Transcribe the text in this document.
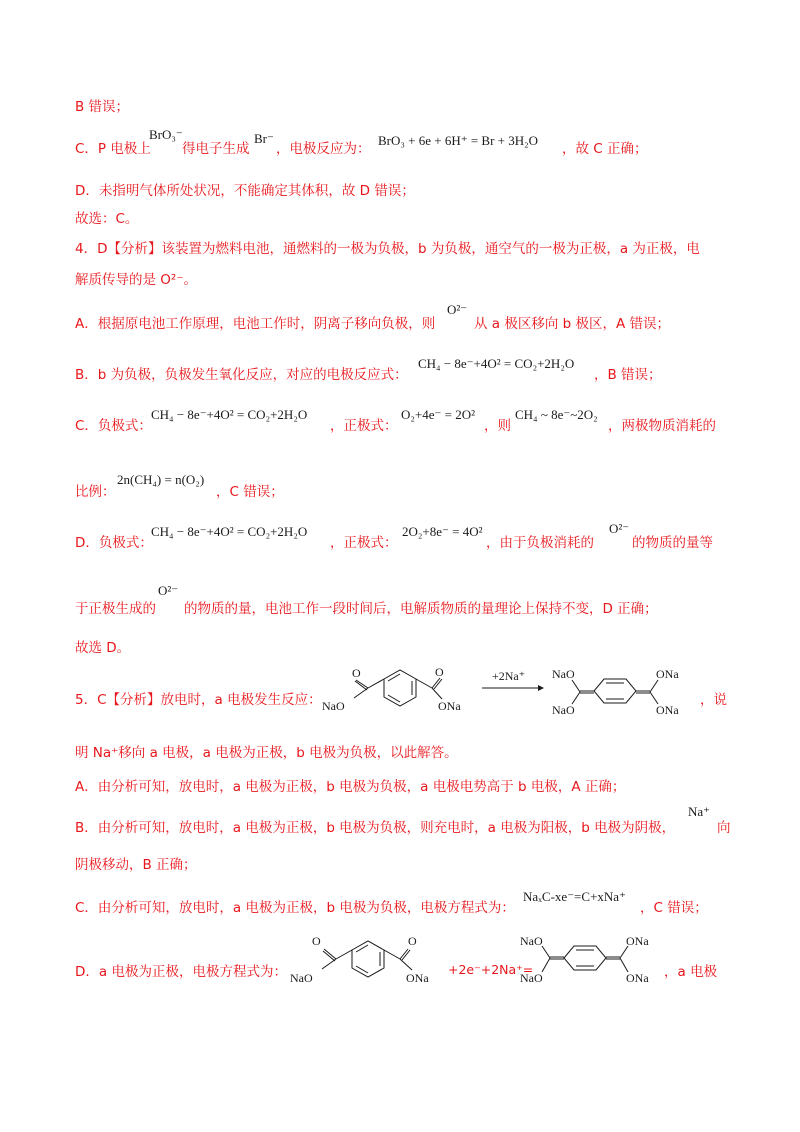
B 错误；
C．P 电极上
BrO₃⁻
得电子生成
Br⁻
，电极反应为：
BrO₃ + 6e + 6H⁺ = Br + 3H₂O
，故 C 正确；
D．未指明气体所处状况，不能确定其体积，故 D 错误；
故选：C。
4．D【分析】该装置为燃料电池，通燃料的一极为负极，b 为负极，通空气的一极为正极，a 为正极，电
解质传导的是 O²⁻。
A．根据原电池工作原理，电池工作时，阴离子移向负极，则
O²⁻
从 a 极区移向 b 极区，A 错误；
B．b 为负极，负极发生氧化反应，对应的电极反应式：
CH₄ − 8e⁻+4O² = CO₂+2H₂O
，B 错误；
C．负极式：
CH₄ − 8e⁻+4O² = CO₂+2H₂O
，正极式：
O₂+4e⁻ = 2O²
，则
CH₄ ~ 8e⁻~2O₂
，两极物质消耗的
比例：
2n(CH₄) = n(O₂)
，C 错误；
D．负极式：
CH₄ − 8e⁻+4O² = CO₂+2H₂O
，正极式：
2O₂+8e⁻ = 4O²
，由于负极消耗的
O²⁻
的物质的量等
O²⁻
于正极生成的 的物质的量，电池工作一段时间后，电解质物质的量理论上保持不变，D 正确；
故选 D。
5．C【分析】放电时，a 电极发生反应：
O	O
NaO	ONa
+2Na⁺ NaO
NaO
ONa
ONa
，说
明 Na⁺移向 a 电极，a 电极为正极，b 电极为负极，以此解答。
A．由分析可知，放电时，a 电极为正极，b 电极为负极，a 电极电势高于 b 电极，A 正确；
B．由分析可知，放电时，a 电极为正极，b 电极为负极，则充电时，a 电极为阳极，b 电极为阴极，
Na⁺
向
阴极移动，B 正确；
C．由分析可知，放电时，a 电极为正极，b 电极为负极，电极方程式为：
NaₓC-xe⁻=C+xNa⁺
，C 错误；
D．a 电极为正极，电极方程式为：
O	O
NaO	ONa
+2e⁻+2Na⁺=
NaO
NaO
ONa
ONa ，a 电极
